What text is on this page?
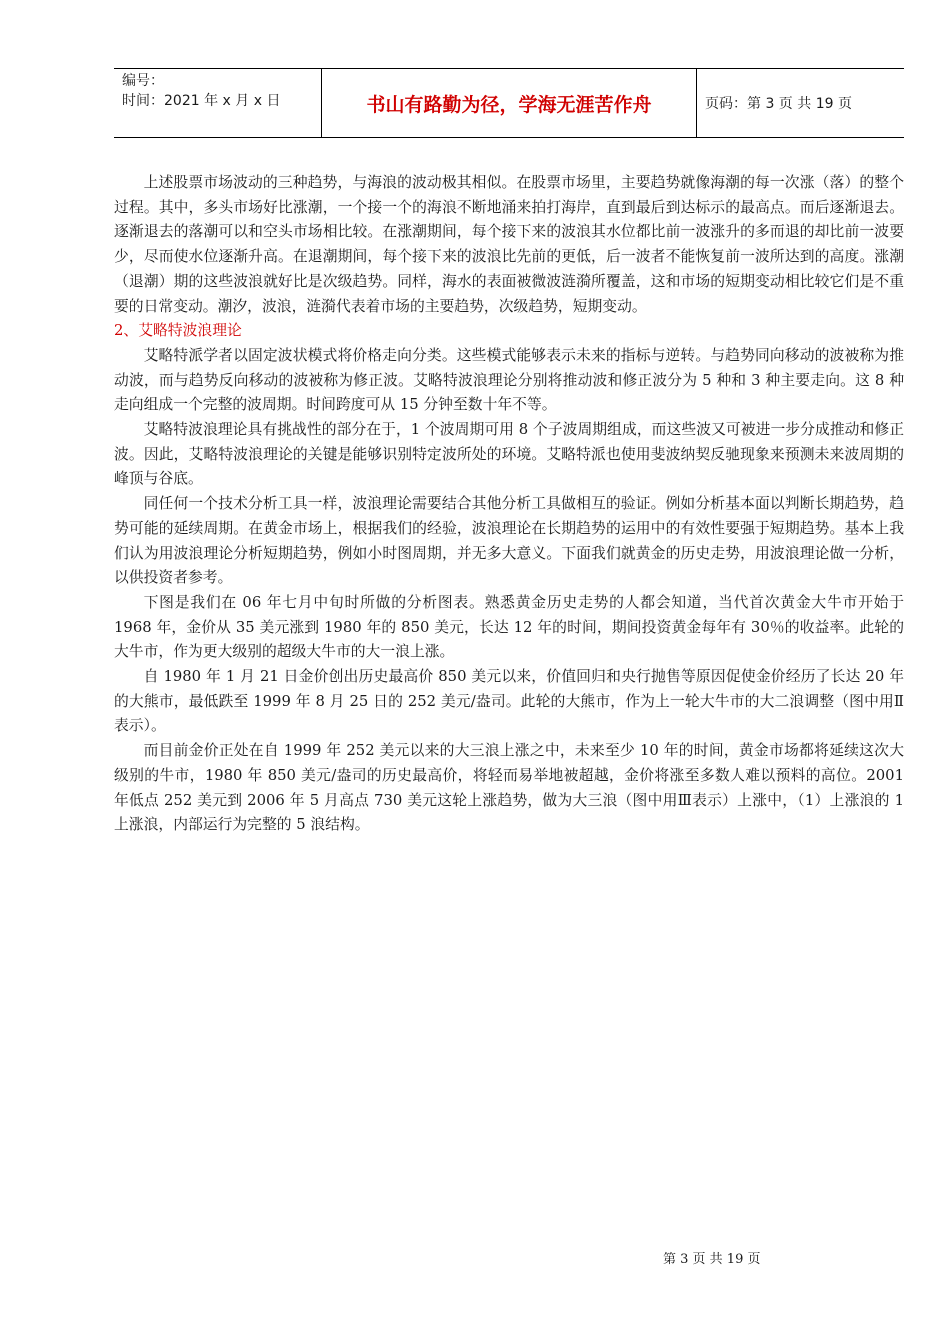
编号：
时间：2021 年 x 月 x 日	书山有路勤为径，学海无涯苦作舟	页码：第 3 页 共 19 页

上述股票市场波动的三种趋势，与海浪的波动极其相似。在股票市场里，主要趋势就像海潮的每一次涨（落）的整个过程。其中，多头市场好比涨潮，一个接一个的海浪不断地涌来拍打海岸，直到最后到达标示的最高点。而后逐渐退去。逐渐退去的落潮可以和空头市场相比较。在涨潮期间，每个接下来的波浪其水位都比前一波涨升的多而退的却比前一波要少，尽而使水位逐渐升高。在退潮期间，每个接下来的波浪比先前的更低，后一波者不能恢复前一波所达到的高度。涨潮（退潮）期的这些波浪就好比是次级趋势。同样，海水的表面被微波涟漪所覆盖，这和市场的短期变动相比较它们是不重要的日常变动。潮汐，波浪，涟漪代表着市场的主要趋势，次级趋势，短期变动。

2、艾略特波浪理论

艾略特派学者以固定波状模式将价格走向分类。这些模式能够表示未来的指标与逆转。与趋势同向移动的波被称为推动波，而与趋势反向移动的波被称为修正波。艾略特波浪理论分别将推动波和修正波分为 5 种和 3 种主要走向。这 8 种走向组成一个完整的波周期。时间跨度可从 15 分钟至数十年不等。

艾略特波浪理论具有挑战性的部分在于，1 个波周期可用 8 个子波周期组成，而这些波又可被进一步分成推动和修正波。因此，艾略特波浪理论的关键是能够识别特定波所处的环境。艾略特派也使用斐波纳契反驰现象来预测未来波周期的峰顶与谷底。

同任何一个技术分析工具一样，波浪理论需要结合其他分析工具做相互的验证。例如分析基本面以判断长期趋势，趋势可能的延续周期。在黄金市场上，根据我们的经验，波浪理论在长期趋势的运用中的有效性要强于短期趋势。基本上我们认为用波浪理论分析短期趋势，例如小时图周期，并无多大意义。下面我们就黄金的历史走势，用波浪理论做一分析，以供投资者参考。

下图是我们在 06 年七月中旬时所做的分析图表。熟悉黄金历史走势的人都会知道，当代首次黄金大牛市开始于 1968 年，金价从 35 美元涨到 1980 年的 850 美元，长达 12 年的时间，期间投资黄金每年有 30％的收益率。此轮的大牛市，作为更大级别的超级大牛市的大一浪上涨。

自 1980 年 1 月 21 日金价创出历史最高价 850 美元以来，价值回归和央行抛售等原因促使金价经历了长达 20 年的大熊市，最低跌至 1999 年 8 月 25 日的 252 美元/盎司。此轮的大熊市，作为上一轮大牛市的大二浪调整（图中用Ⅱ表示）。

而目前金价正处在自 1999 年 252 美元以来的大三浪上涨之中，未来至少 10 年的时间，黄金市场都将延续这次大级别的牛市，1980 年 850 美元/盎司的历史最高价，将轻而易举地被超越，金价将涨至多数人难以预料的高位。2001 年低点 252 美元到 2006 年 5 月高点 730 美元这轮上涨趋势，做为大三浪（图中用Ⅲ表示）上涨中，（1）上涨浪的 1 上涨浪，内部运行为完整的 5 浪结构。

第 3 页 共 19 页
